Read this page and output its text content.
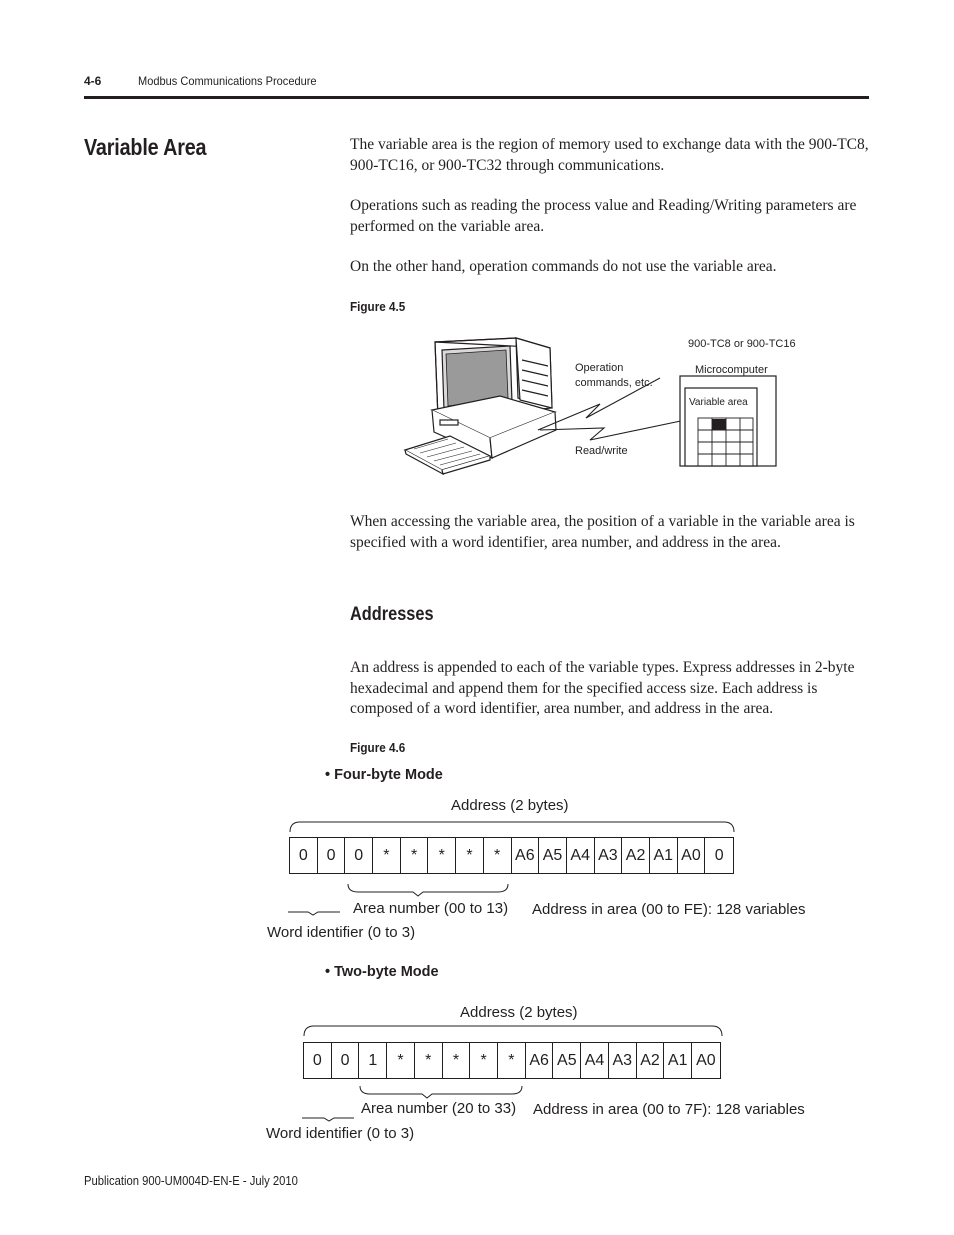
4-6	Modbus Communications Procedure
Variable Area	The variable area is the region of memory used to exchange data with the 900-TC8, 900-TC16, or 900-TC32 through communications.
Operations such as reading the process value and Reading/Writing parameters are performed on the variable area.
On the other hand, operation commands do not use the variable area.
Figure 4.5
900-TC8 or 900-TC16
Operation
commands, etc.
Microcomputer
Variable area
Read/write
When accessing the variable area, the position of a variable in the variable area is specified with a word identifier, area number, and address in the area.
Addresses
An address is appended to each of the variable types. Express addresses in 2-byte hexadecimal and append them for the specified access size. Each address is composed of a word identifier, area number, and address in the area.
Figure 4.6
• Four-byte Mode
Address (2 bytes)
0	0	0	*	*	*	*	* A6 A5 A4 A3 A2 A1 A0 0
Area number (00 to 13) Address in area (00 to FE): 128 variables
Word identifier (0 to 3)
• Two-byte Mode
Address (2 bytes)
0	0	1	*	*	*	*	* A6 A5 A4 A3 A2 A1 A0
Area number (20 to 33) Address in area (00 to 7F): 128 variables
Word identifier (0 to 3)
Publication 900-UM004D-EN-E - July 2010
